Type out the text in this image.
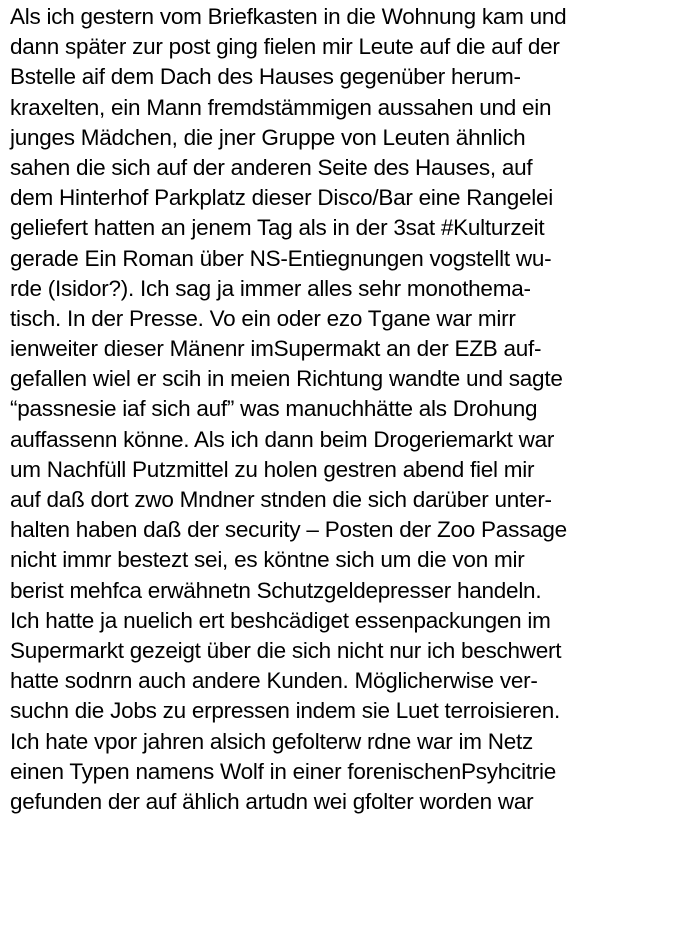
Als ich gestern vom Briefkasten in die Wohnung kam und
dann später zur post ging fielen mir Leute auf die auf der
Bstelle aif dem Dach des Hauses gegenüber herum-
kraxelten, ein Mann fremdstämmigen aussahen und ein
junges Mädchen, die jner Gruppe von Leuten ähnlich
sahen die sich auf der anderen Seite des Hauses, auf
dem Hinterhof Parkplatz dieser Disco/Bar eine Rangelei
geliefert hatten an jenem Tag als in der 3sat #Kulturzeit
gerade Ein Roman über NS-Entiegnungen vogstellt wu-
rde (Isidor?). Ich sag ja immer alles sehr monothema-
tisch. In der Presse. Vo ein oder ezo Tgane war mirr
ienweiter dieser Mänenr imSupermakt an der EZB auf-
gefallen wiel er scih in meien Richtung wandte und sagte
“passnesie iaf sich auf” was manuchhätte als Drohung
auffassenn könne. Als ich dann beim Drogeriemarkt war
um Nachfüll Putzmittel zu holen gestren abend fiel mir
auf daß dort zwo Mndner stnden die sich darüber unter-
halten haben daß der security – Posten der Zoo Passage
nicht immr bestezt sei, es köntne sich um die von mir
berist mehfca erwähnetn Schutzgeldepresser handeln.
Ich hatte ja nuelich ert beshcädiget essenpackungen im
Supermarkt gezeigt über die sich nicht nur ich beschwert
hatte sodnrn auch andere Kunden. Möglicherwise ver-
suchn die Jobs zu erpressen indem sie Luet terroisieren.
Ich hate vpor jahren alsich gefolterw rdne war im Netz
einen Typen namens Wolf in einer forenischenPsyhcitrie
gefunden der auf ählich artudn wei gfolter worden war
